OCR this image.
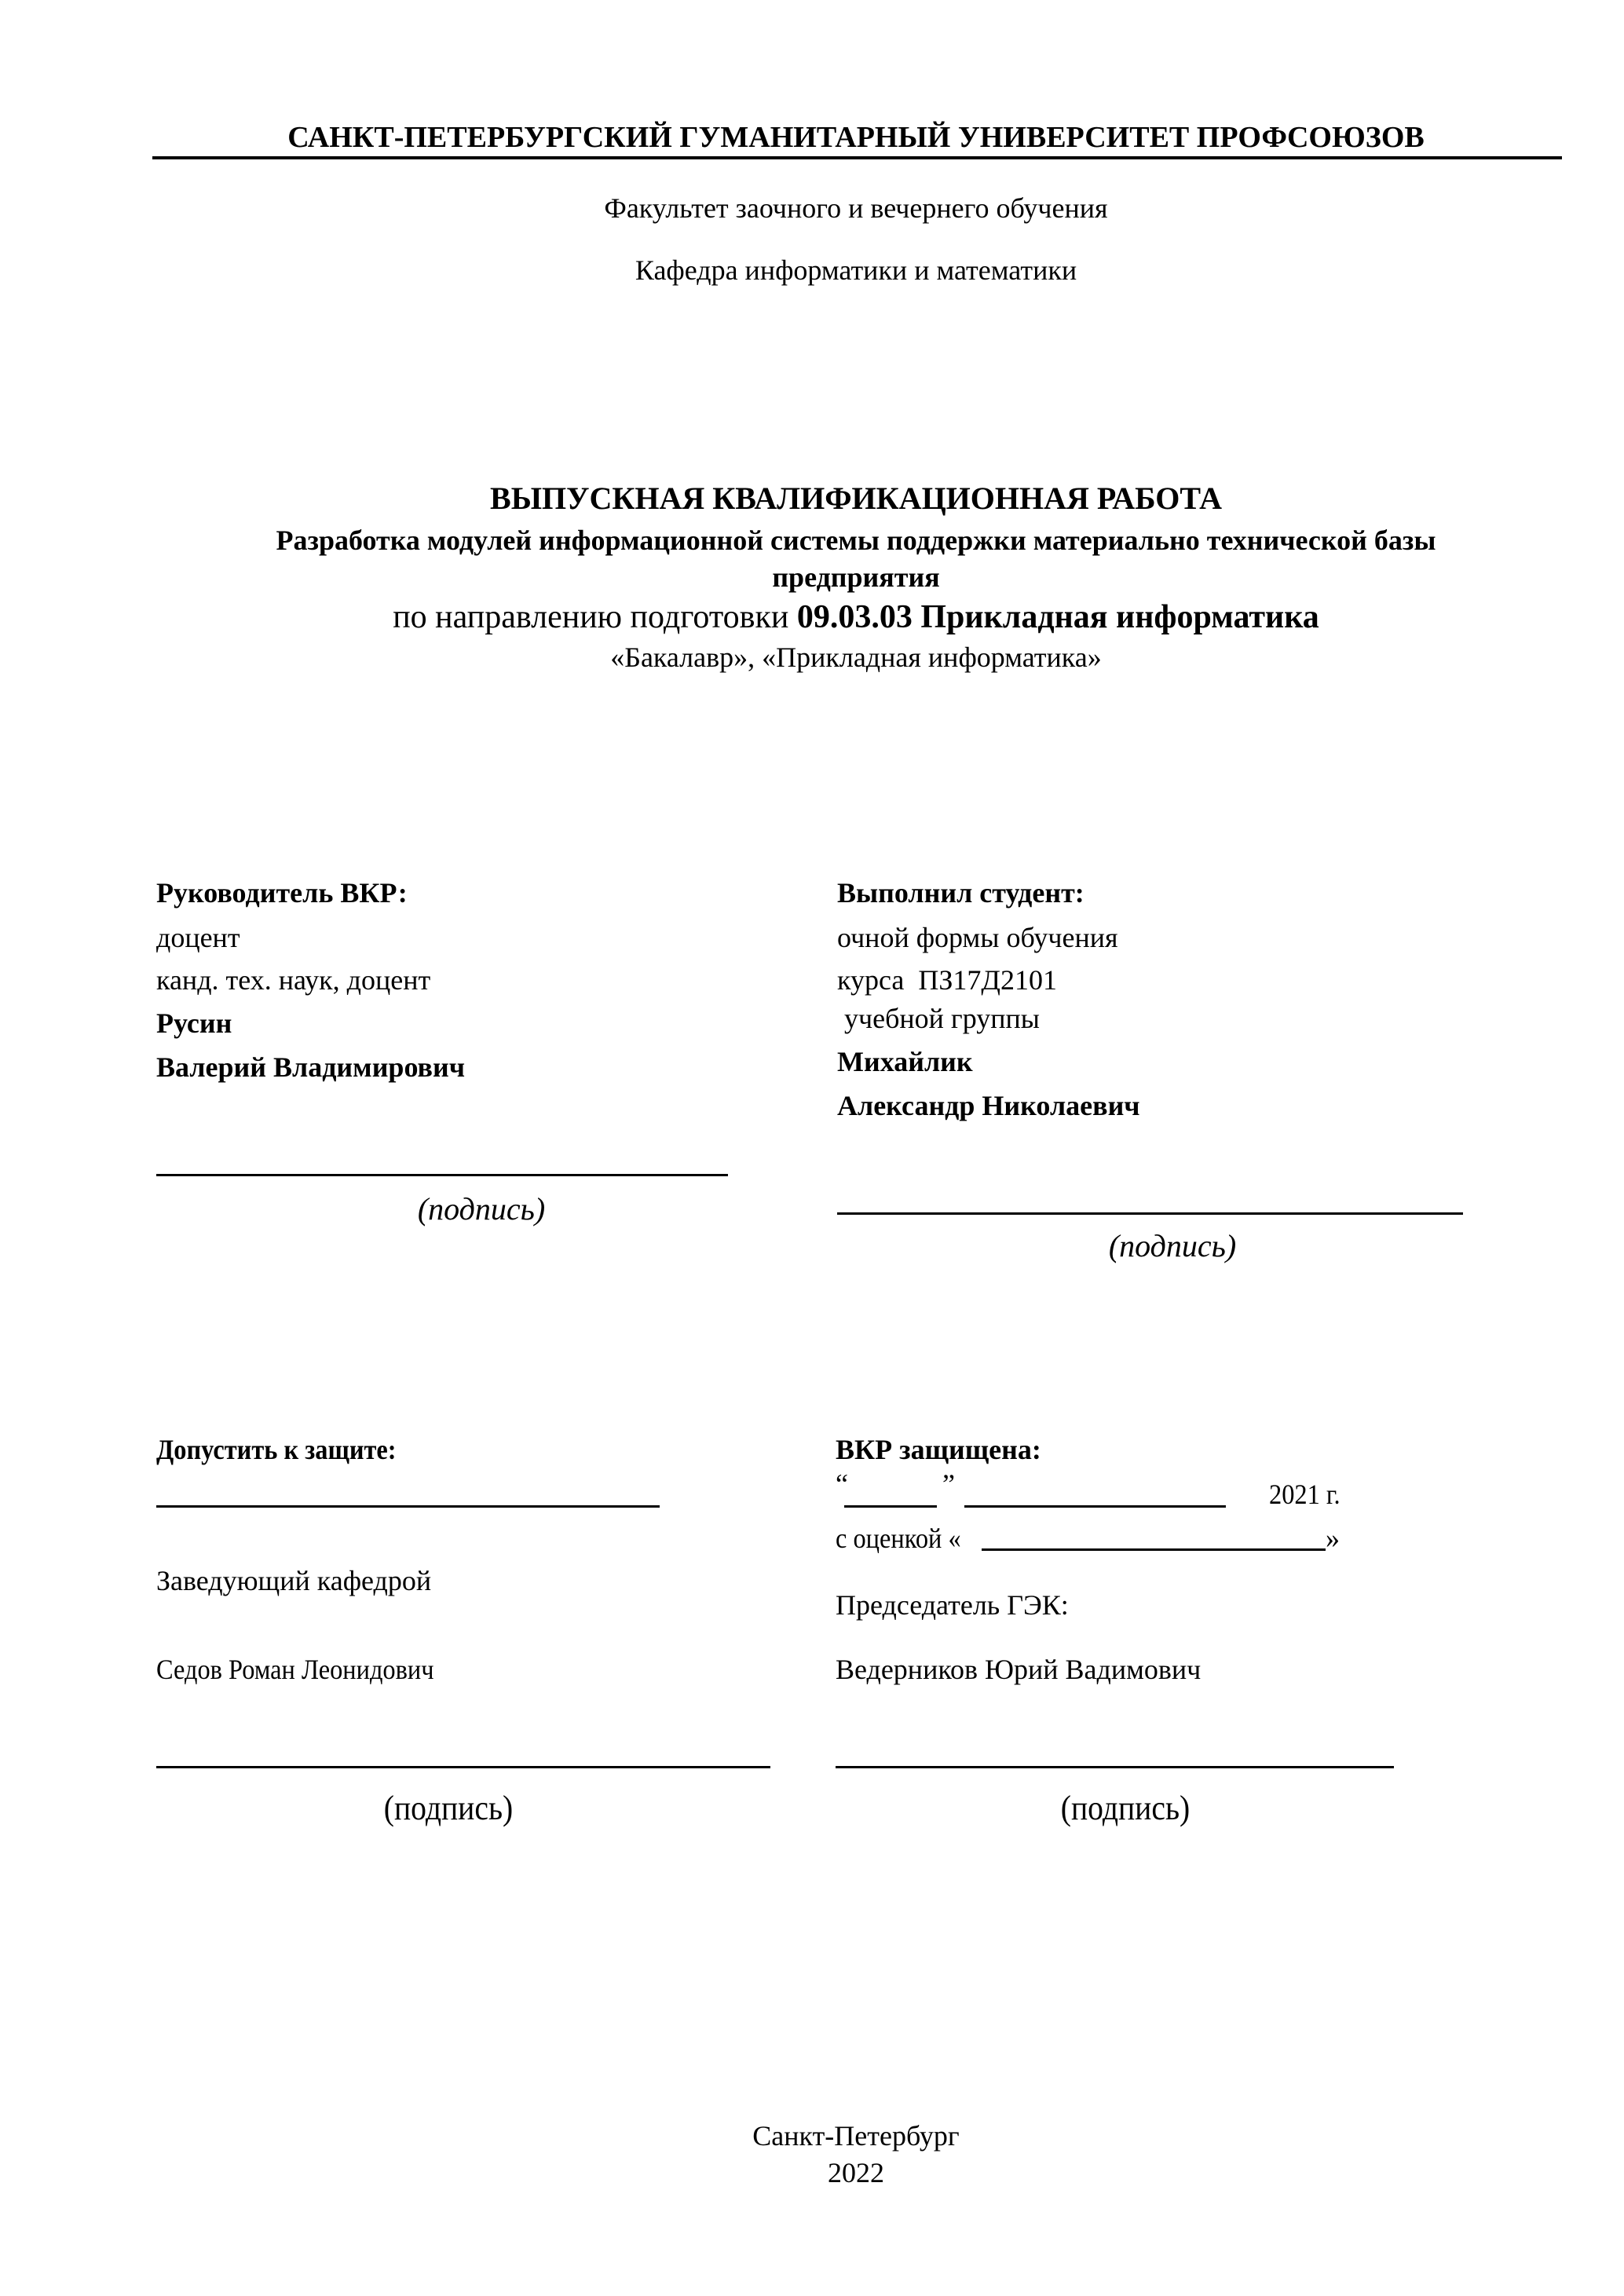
САНКТ-ПЕТЕРБУРГСКИЙ ГУМАНИТАРНЫЙ УНИВЕРСИТЕТ ПРОФСОЮЗОВ
Факультет заочного и вечернего обучения
Кафедра информатики и математики
ВЫПУСКНАЯ КВАЛИФИКАЦИОННАЯ РАБОТА
Разработка модулей информационной системы поддержки материально технической базы
предприятия
по направлению подготовки 09.03.03 Прикладная информатика
«Бакалавр», «Прикладная информатика»
Руководитель ВКР:
доцент
канд. тех. наук, доцент
Русин
Валерий Владимирович
(подпись)
Выполнил студент:
очной формы обучения
курса  ПЗ17Д2101
учебной группы
Михайлик
Александр Николаевич
(подпись)
Допустить к защите:
Заведующий кафедрой
Седов Роман Леонидович
(подпись)
ВКР защищена:
“	”	2021 г.
с оценкой «	»
Председатель ГЭК:
Ведерников Юрий Вадимович
(подпись)
Санкт-Петербург
2022
